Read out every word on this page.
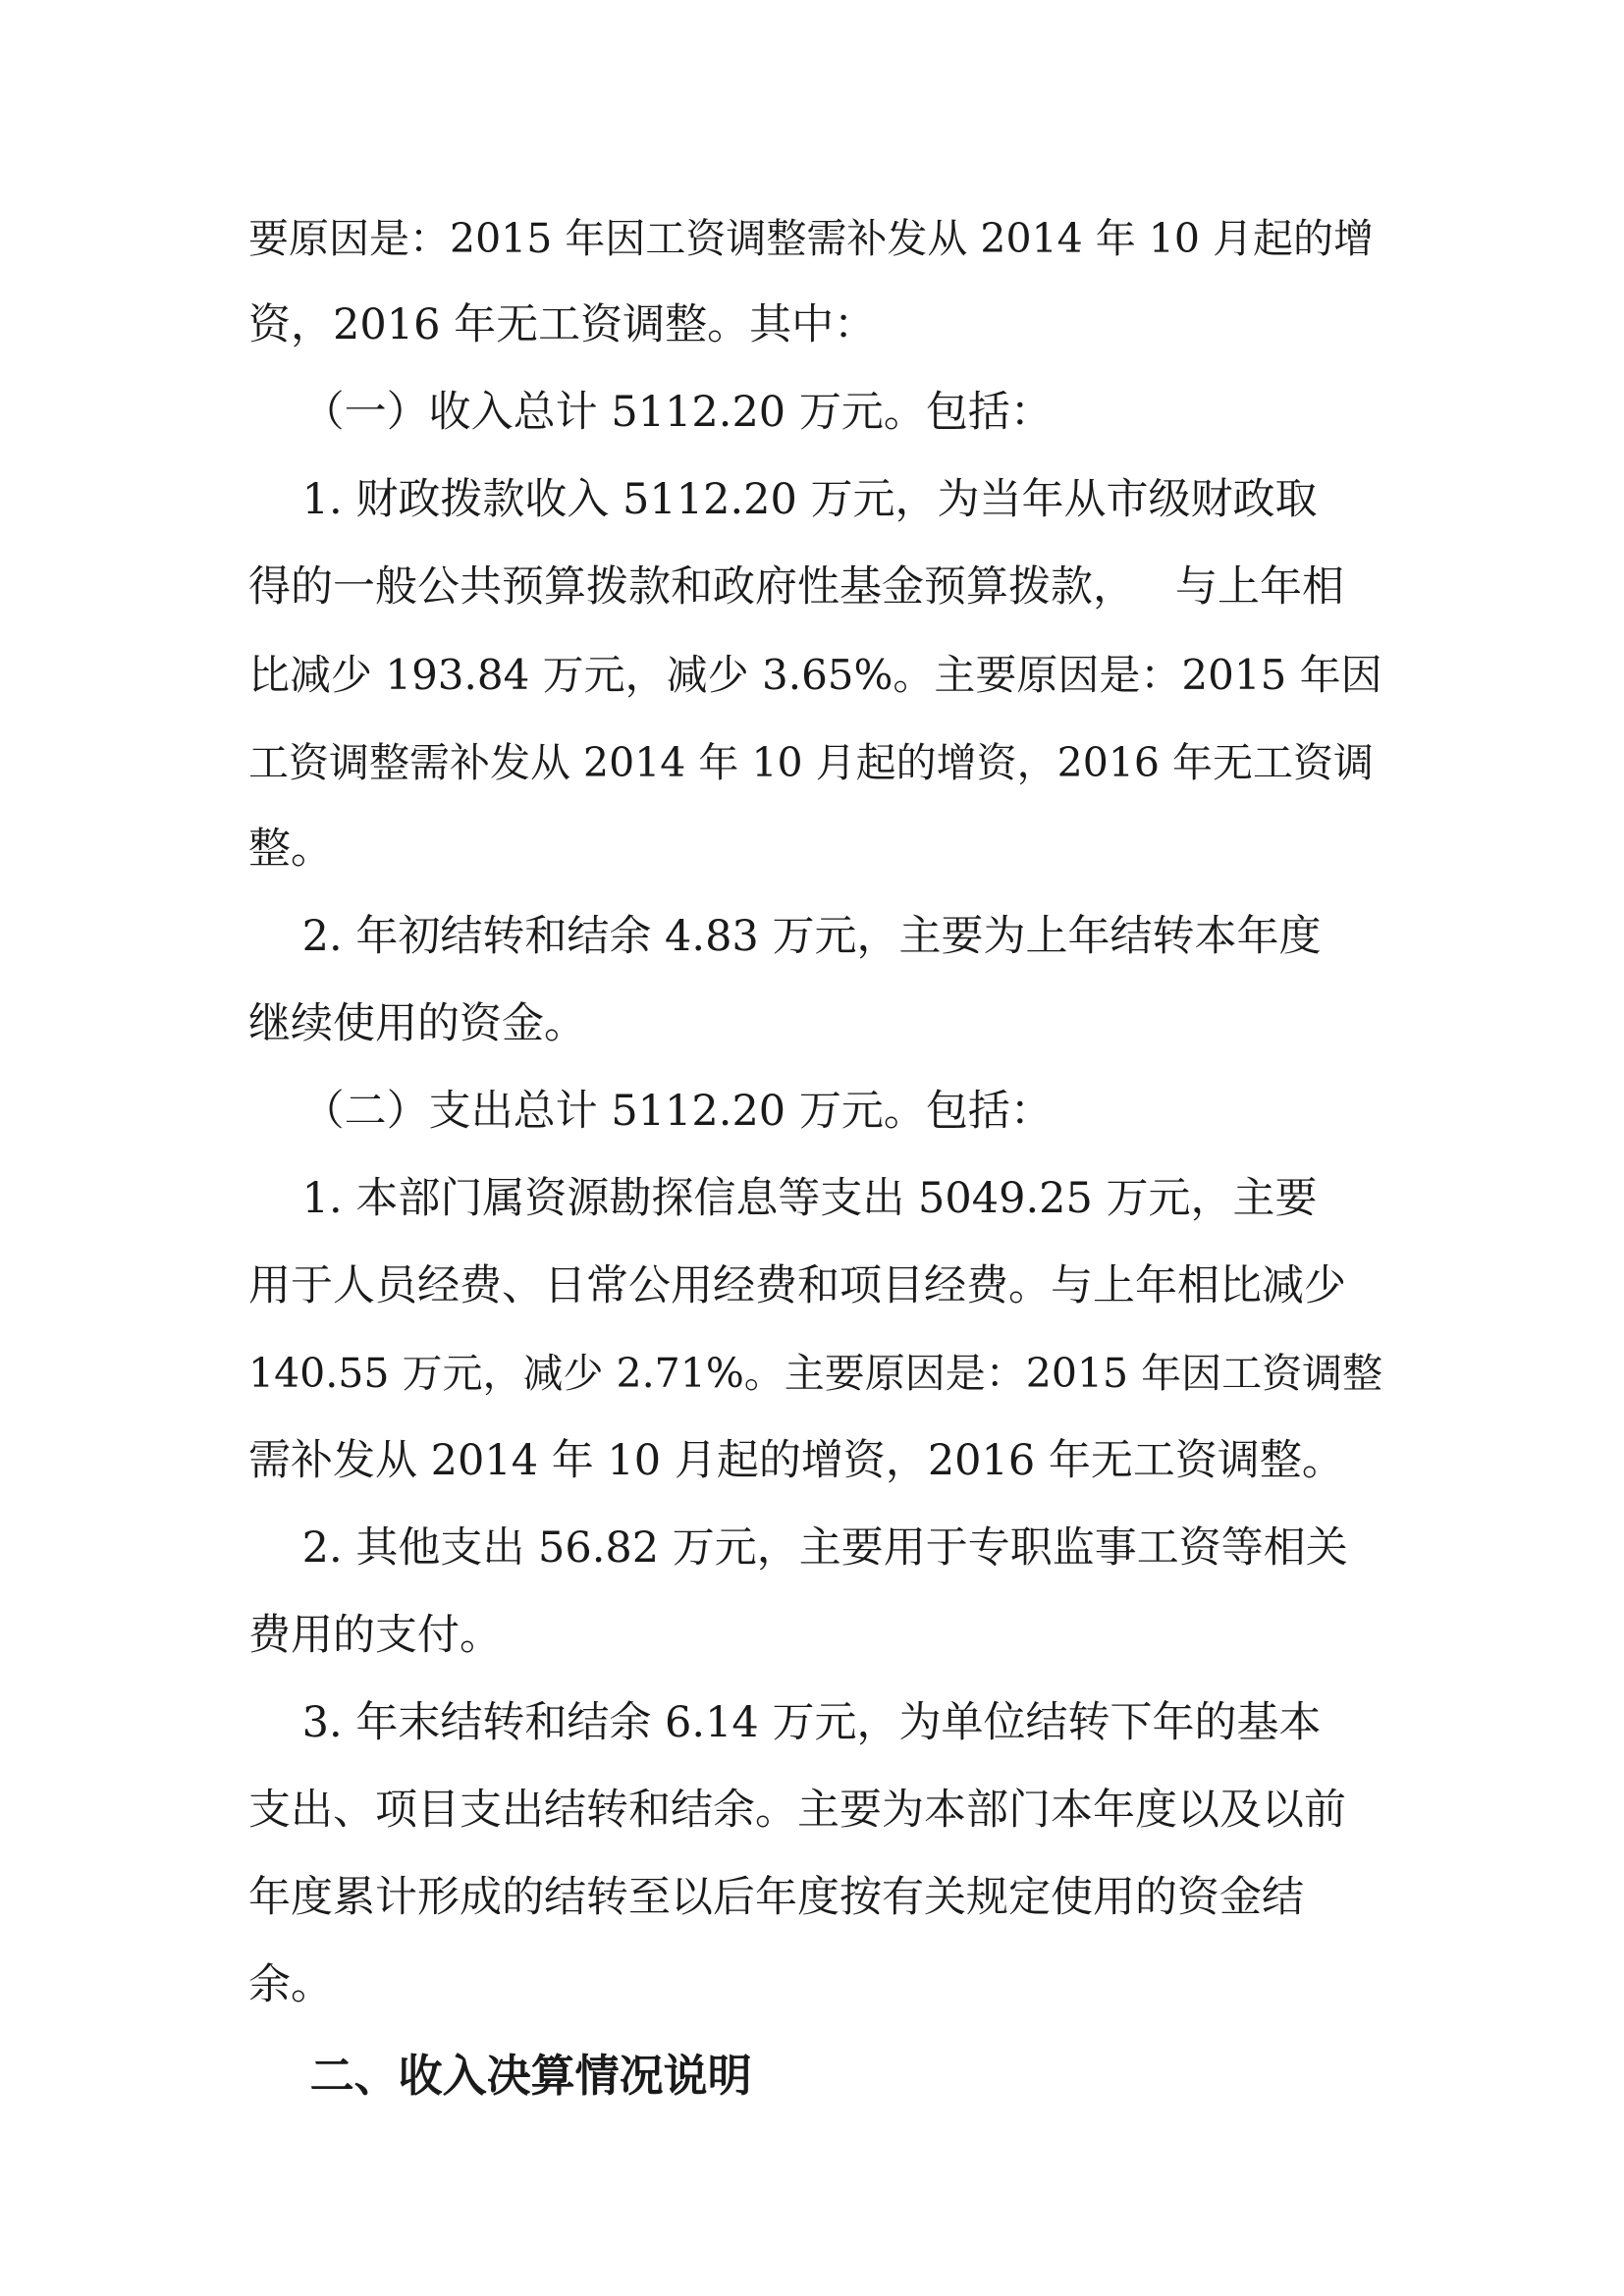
要原因是：2015 年因工资调整需补发从 2014 年 10 月起的增
资，2016 年无工资调整。其中：
（一）收入总计 5112.20 万元。包括：
1. 财政拨款收入 5112.20 万元，为当年从市级财政取
得的一般公共预算拨款和政府性基金预算拨款，   与上年相
比减少 193.84 万元，减少 3.65%。主要原因是：2015 年因
工资调整需补发从 2014 年 10 月起的增资，2016 年无工资调
整。
2. 年初结转和结余 4.83 万元，主要为上年结转本年度
继续使用的资金。
（二）支出总计 5112.20 万元。包括：
1. 本部门属资源勘探信息等支出 5049.25 万元，主要
用于人员经费、日常公用经费和项目经费。与上年相比减少
140.55 万元，减少 2.71%。主要原因是：2015 年因工资调整
需补发从 2014 年 10 月起的增资，2016 年无工资调整。
2. 其他支出 56.82 万元，主要用于专职监事工资等相关
费用的支付。
3. 年末结转和结余 6.14 万元，为单位结转下年的基本
支出、项目支出结转和结余。主要为本部门本年度以及以前
年度累计形成的结转至以后年度按有关规定使用的资金结
余。
二、收入决算情况说明
